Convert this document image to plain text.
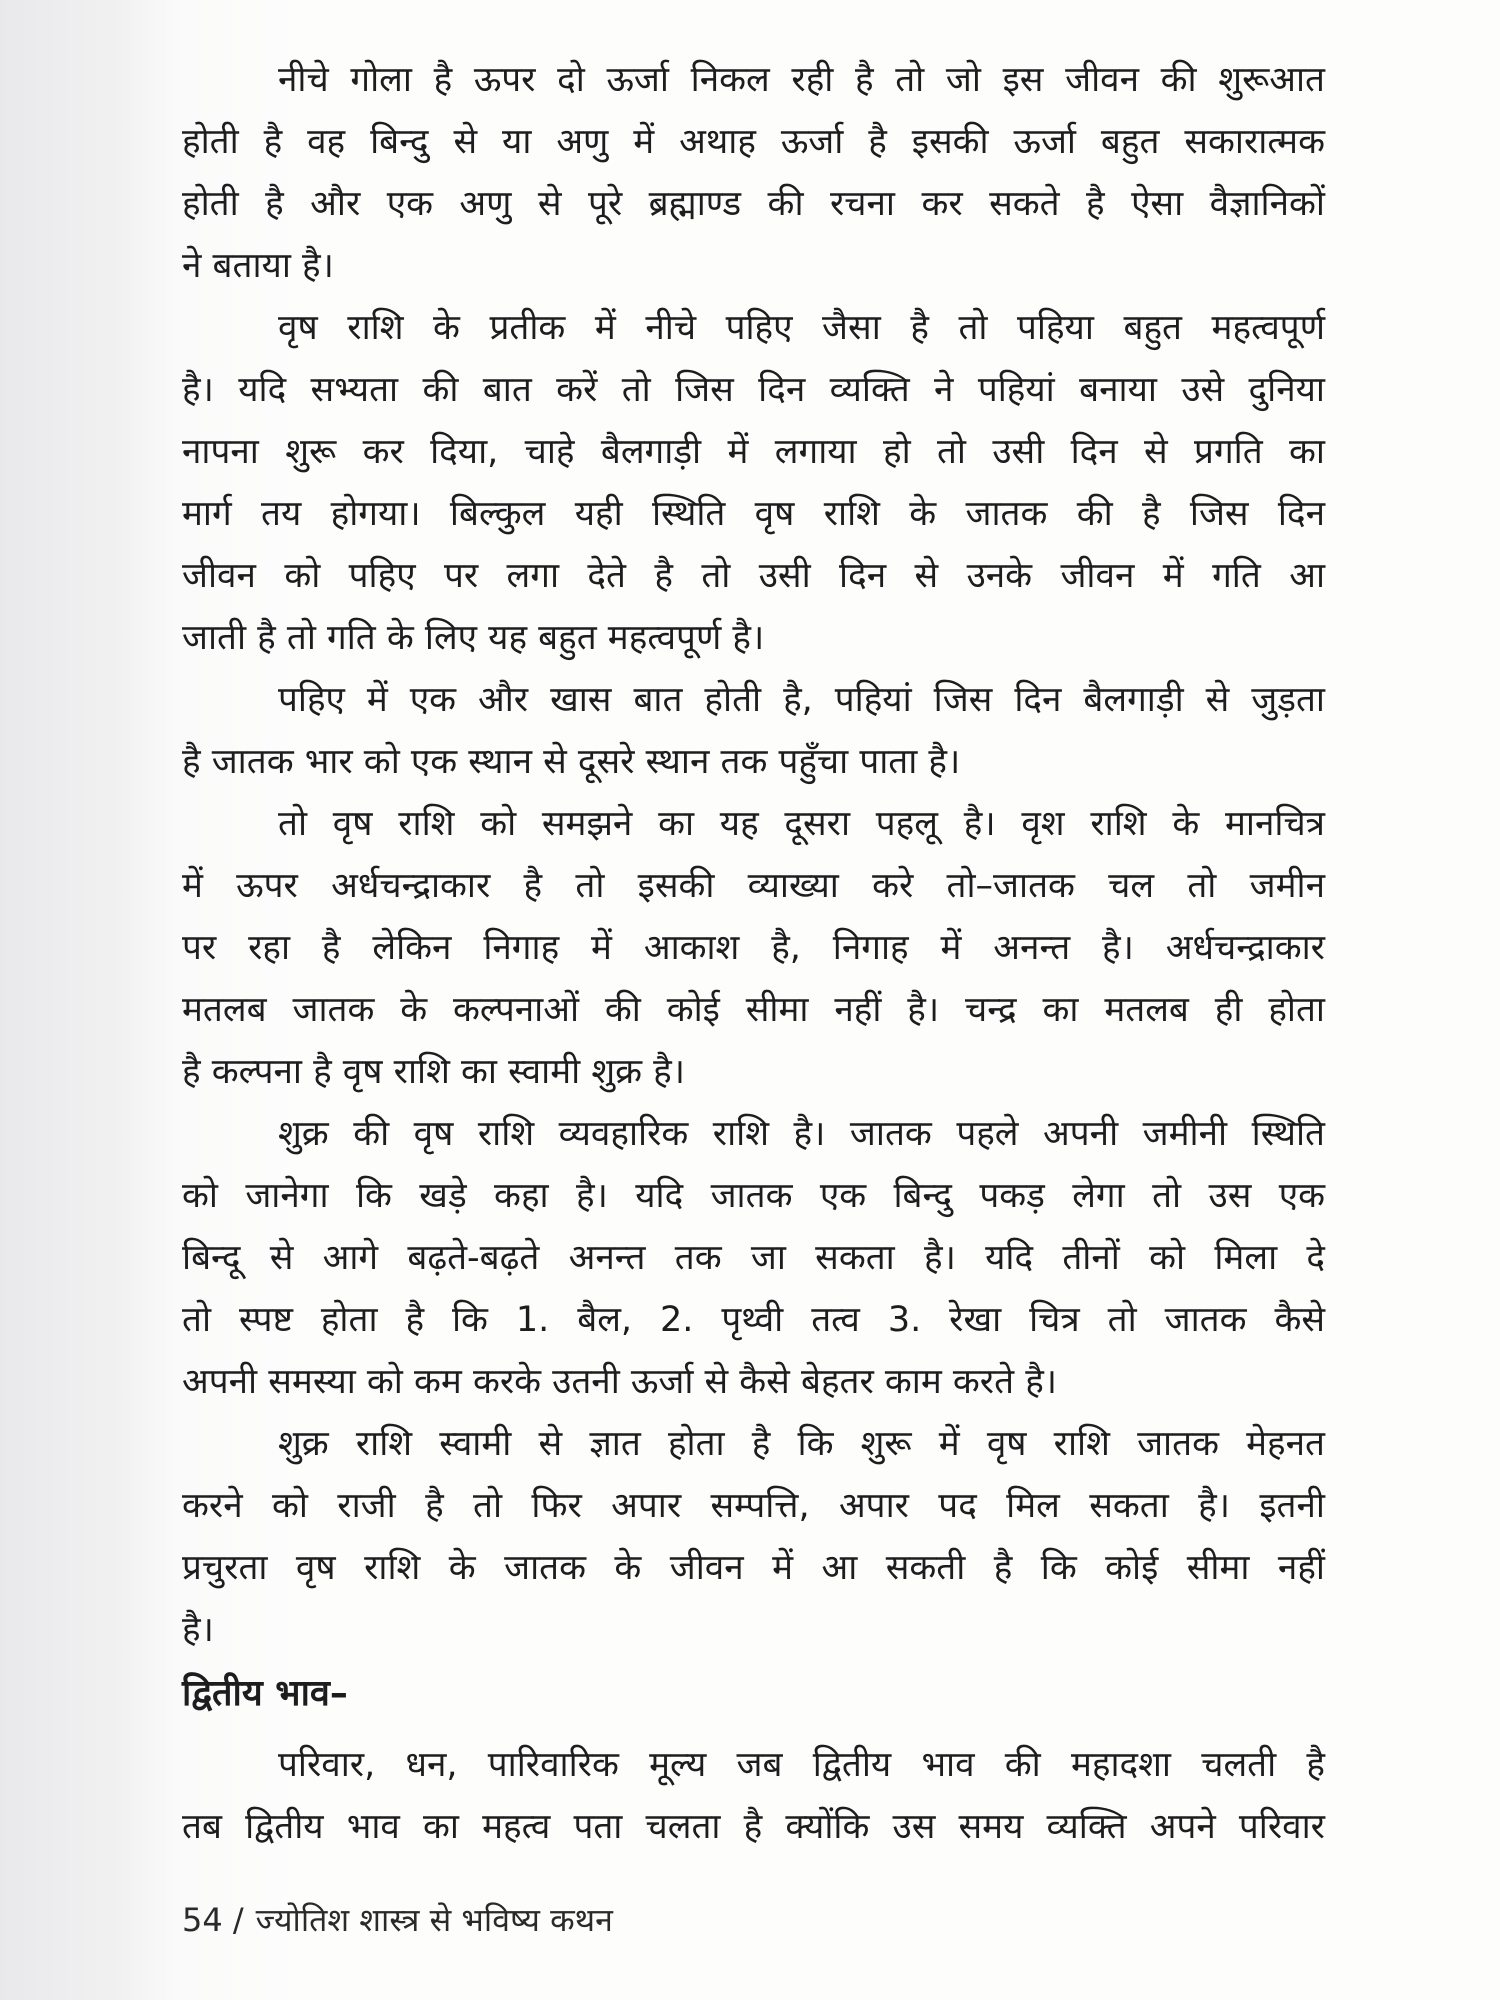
नीचे गोला है ऊपर दो ऊर्जा निकल रही है तो जो इस जीवन की शुरूआत
होती है वह बिन्दु से या अणु में अथाह ऊर्जा है इसकी ऊर्जा बहुत सकारात्मक
होती है और एक अणु से पूरे ब्रह्माण्ड की रचना कर सकते है ऐसा वैज्ञानिकों
ने बताया है।
वृष राशि के प्रतीक में नीचे पहिए जैसा है तो पहिया बहुत महत्वपूर्ण
है। यदि सभ्यता की बात करें तो जिस दिन व्यक्ति ने पहियां बनाया उसे दुनिया
नापना शुरू कर दिया, चाहे बैलगाड़ी में लगाया हो तो उसी दिन से प्रगति का
मार्ग तय होगया। बिल्कुल यही स्थिति वृष राशि के जातक की है जिस दिन
जीवन को पहिए पर लगा देते है तो उसी दिन से उनके जीवन में गति आ
जाती है तो गति के लिए यह बहुत महत्वपूर्ण है।
पहिए में एक और खास बात होती है, पहियां जिस दिन बैलगाड़ी से जुड़ता
है जातक भार को एक स्थान से दूसरे स्थान तक पहुँचा पाता है।
तो वृष राशि को समझने का यह दूसरा पहलू है। वृश राशि के मानचित्र
में ऊपर अर्धचन्द्राकार है तो इसकी व्याख्या करे तो–जातक चल तो जमीन
पर रहा है लेकिन निगाह में आकाश है, निगाह में अनन्त है। अर्धचन्द्राकार
मतलब जातक के कल्पनाओं की कोई सीमा नहीं है। चन्द्र का मतलब ही होता
है कल्पना है वृष राशि का स्वामी शुक्र है।
शुक्र की वृष राशि व्यवहारिक राशि है। जातक पहले अपनी जमीनी स्थिति
को जानेगा कि खड़े कहा है। यदि जातक एक बिन्दु पकड़ लेगा तो उस एक
बिन्दू से आगे बढ़ते-बढ़ते अनन्त तक जा सकता है। यदि तीनों को मिला दे
तो स्पष्ट होता है कि 1. बैल, 2. पृथ्वी तत्व 3. रेखा चित्र तो जातक कैसे
अपनी समस्या को कम करके उतनी ऊर्जा से कैसे बेहतर काम करते है।
शुक्र राशि स्वामी से ज्ञात होता है कि शुरू में वृष राशि जातक मेहनत
करने को राजी है तो फिर अपार सम्पत्ति, अपार पद मिल सकता है। इतनी
प्रचुरता वृष राशि के जातक के जीवन में आ सकती है कि कोई सीमा नहीं
है।
द्वितीय भाव–
परिवार, धन, पारिवारिक मूल्य जब द्वितीय भाव की महादशा चलती है
तब द्वितीय भाव का महत्व पता चलता है क्योंकि उस समय व्यक्ति अपने परिवार
54 / ज्योतिश शास्त्र से भविष्य कथन
